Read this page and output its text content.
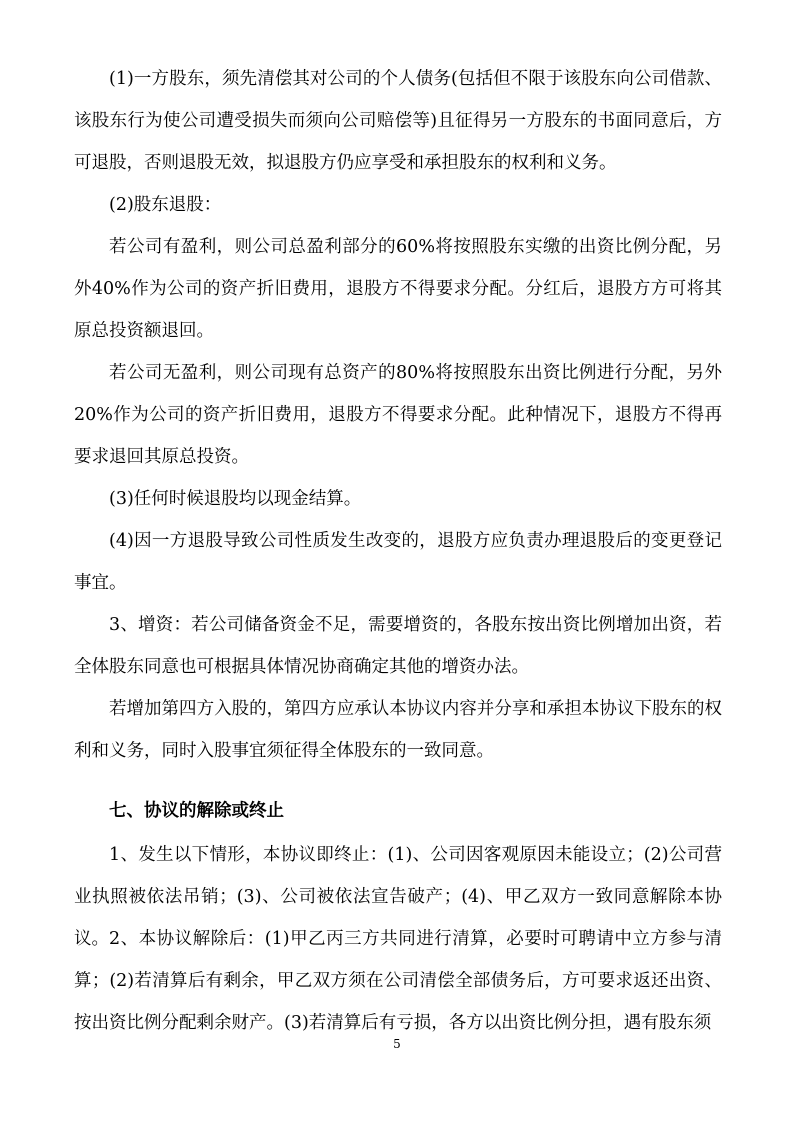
(1)一方股东，须先清偿其对公司的个人债务(包括但不限于该股东向公司借款、该股东行为使公司遭受损失而须向公司赔偿等)且征得另一方股东的书面同意后，方可退股，否则退股无效，拟退股方仍应享受和承担股东的权利和义务。

(2)股东退股：

若公司有盈利，则公司总盈利部分的60%将按照股东实缴的出资比例分配，另外40%作为公司的资产折旧费用，退股方不得要求分配。分红后，退股方方可将其原总投资额退回。

若公司无盈利，则公司现有总资产的80%将按照股东出资比例进行分配，另外20%作为公司的资产折旧费用，退股方不得要求分配。此种情况下，退股方不得再要求退回其原总投资。

(3)任何时候退股均以现金结算。

(4)因一方退股导致公司性质发生改变的，退股方应负责办理退股后的变更登记事宜。

3、增资：若公司储备资金不足，需要增资的，各股东按出资比例增加出资，若全体股东同意也可根据具体情况协商确定其他的增资办法。

若增加第四方入股的，第四方应承认本协议内容并分享和承担本协议下股东的权利和义务，同时入股事宜须征得全体股东的一致同意。

七、协议的解除或终止

1、发生以下情形，本协议即终止：(1)、公司因客观原因未能设立；(2)公司营业执照被依法吊销；(3)、公司被依法宣告破产；(4)、甲乙双方一致同意解除本协议。 2、本协议解除后：(1)甲乙丙三方共同进行清算，必要时可聘请中立方参与清算；(2)若清算后有剩余，甲乙双方须在公司清偿全部债务后，方可要求返还出资、按出资比例分配剩余财产。(3)若清算后有亏损，各方以出资比例分担，遇有股东须

5
